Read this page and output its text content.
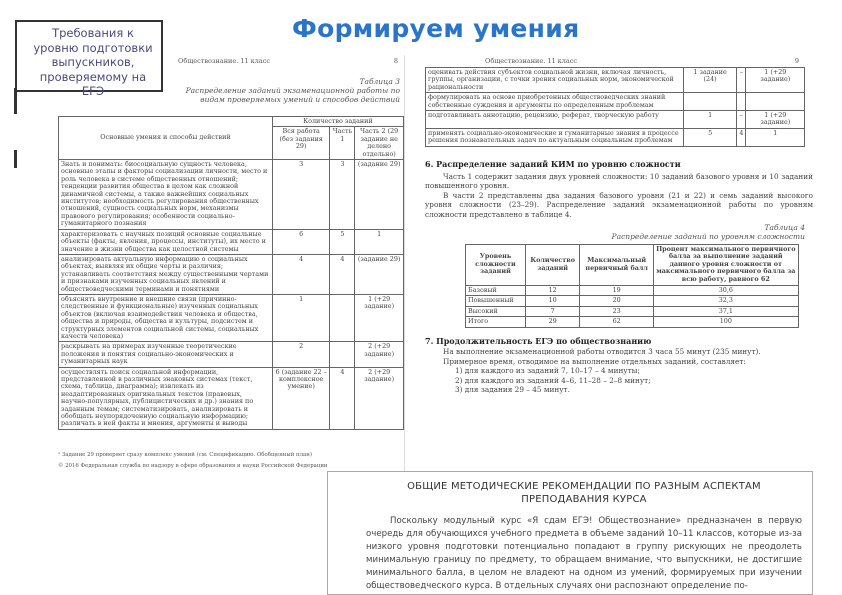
Формируем умения
Обществознание. 11 класс	8
Таблица 3
Распределение заданий экзаменационной работы по видам проверяемых умений и способов действий
Основные умения и способы действий	Количество заданий		
	Вся работа (без задания 29)	Часть 1	Часть 2 (29 задание не делено отдельно)
Знать и понимать: биосоциальную сущность человека, основные этапы и факторы социализации личности, место и роль человека в системе общественных отношений; тенденции развития общества в целом как сложной динамичной системы, а также важнейших социальных институтов; необходимость регулирования общественных отношений, сущность социальных норм, механизмы правового регулирования; особенности социально-гуманитарного познания	3	3	(задание 29)
характеризовать с научных позиций основные социальные объекты (факты, явления, процессы, институты), их место и значение в жизни общества как целостной системы	6	5	1
анализировать актуальную информацию о социальных объектах, выявляя их общие черты и различия; устанавливать соответствия между существенными чертами и признаками изученных социальных явлений и обществоведческими терминами и понятиями	4	4	(задание 29)
объяснять внутренние и внешние связи (причинно-следственные и функциональные) изученных социальных объектов (включая взаимодействия человека и общества, общества и природы, общества и культуры, подсистем и структурных элементов социальной системы, социальных качеств человека)	1		1 (+29 задание)
раскрывать на примерах изученные теоретические положения и понятия социально-экономических и гуманитарных наук	2		2 (+29 задание)
осуществлять поиск социальной информации, представленной в различных знаковых системах (текст, схема, таблица, диаграмма); извлекать из неадаптированных оригинальных текстов (правовых, научно-популярных, публицистических и др.) знания по заданным темам; систематизировать, анализировать и обобщать неупорядоченную социальную информацию; различать в ней факты и мнения, аргументы и выводы	6 (задание 22 – комплексное умение)	4	2 (+29 задание)
¹ Задание 29 проверяет сразу комплекс умений (см. Спецификацию. Обобщенный план)
© 2016 Федеральная служба по надзору в сфере образования и науки Российской Федерации
Требования к уровню подготовки выпускников, проверяемому на ЕГЭ
Обществознание. 11 класс	9
оценивать действия субъектов социальной жизни, включая личность, группы, организации, с точки зрения социальных норм, экономической рациональности	1 задание (24)	–	1 (+29 задание)
формулировать на основе приобретенных обществоведческих знаний собственные суждения и аргументы по определенным проблемам			
подготавливать аннотацию, рецензию, реферат, творческую работу	1	–	1 (+29 задание)
применять социально-экономические и гуманитарные знания в процессе решения познавательных задач по актуальным социальным проблемам	5	4	1
6. Распределение заданий КИМ по уровню сложности
Часть 1 содержит задания двух уровней сложности: 10 заданий базового уровня и 10 заданий повышенного уровня.
В части 2 представлены два задания базового уровня (21 и 22) и семь заданий высокого уровня сложности (23–29). Распределение заданий экзаменационной работы по уровням сложности представлено в таблице 4.
Таблица 4
Распределение заданий по уровням сложности
Уровень сложности заданий	Количество заданий	Максимальный первичный балл	Процент максимального первичного балла за выполнение заданий данного уровня сложности от максимального первичного балла за всю работу, равного 62
Базовый	12	19	30,6
Повышенный	10	20	32,3
Высокий	7	23	37,1
Итого	29	62	100
7. Продолжительность ЕГЭ по обществознанию
На выполнение экзаменационной работы отводится 3 часа 55 минут (235 минут).
Примерное время, отводимое на выполнение отдельных заданий, составляет:
1) для каждого из заданий 7, 10–17 – 4 минуты;
2) для каждого из заданий 4–6, 11–28 – 2–8 минут;
3) для задания 29 – 45 минут.
ОБЩИЕ МЕТОДИЧЕСКИЕ РЕКОМЕНДАЦИИ ПО РАЗНЫМ АСПЕКТАМ
ПРЕПОДАВАНИЯ КУРСА
Поскольку модульный курс «Я сдам ЕГЭ! Обществознание» предназначен в первую очередь для обучающихся учебного предмета в объеме заданий 10–11 классов, которые из-за низкого уровня подготовки потенциально попадают в группу рискующих не преодолеть минимальную границу по предмету, то обращаем внимание, что выпускники, не достигшие минимального балла, в целом не владеют на одном из умений, формируемых при изучении обществоведческого курса. В отдельных случаях они распознают определение по-
